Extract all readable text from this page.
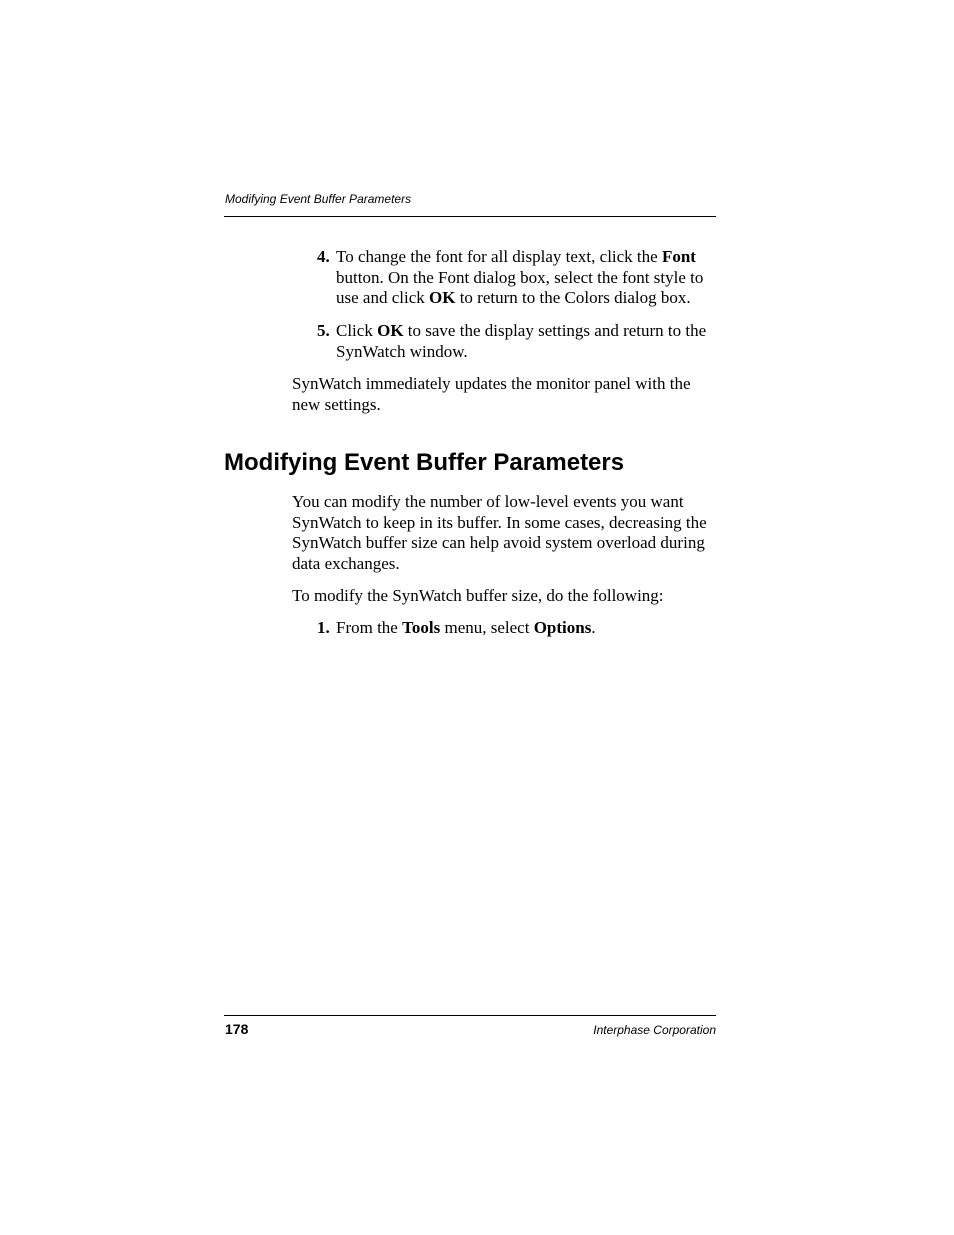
Modifying Event Buffer Parameters
4. To change the font for all display text, click the Font
button. On the Font dialog box, select the font style to
use and click OK to return to the Colors dialog box.
5. Click OK to save the display settings and return to the
SynWatch window.
SynWatch immediately updates the monitor panel with the
new settings.
Modifying Event Buffer Parameters
You can modify the number of low-level events you want
SynWatch to keep in its buffer. In some cases, decreasing the
SynWatch buffer size can help avoid system overload during
data exchanges.
To modify the SynWatch buffer size, do the following:
1. From the Tools menu, select Options.
178	Interphase Corporation
